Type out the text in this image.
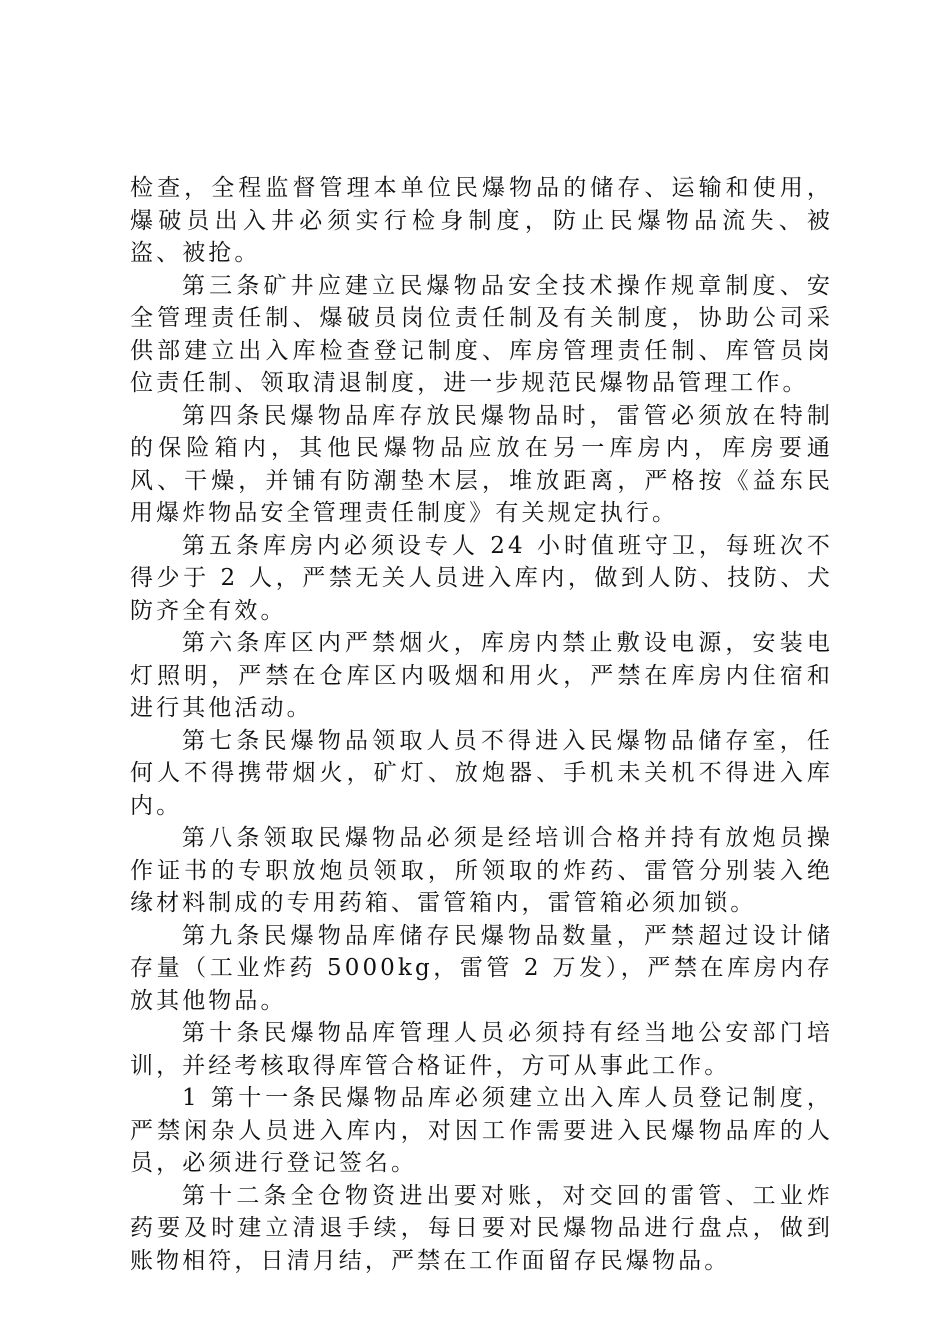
检查，全程监督管理本单位民爆物品的储存、运输和使用，爆破员出入井必须实行检身制度，防止民爆物品流失、被盗、被抢。

第三条矿井应建立民爆物品安全技术操作规章制度、安全管理责任制、爆破员岗位责任制及有关制度，协助公司采供部建立出入库检查登记制度、库房管理责任制、库管员岗位责任制、领取清退制度，进一步规范民爆物品管理工作。

第四条民爆物品库存放民爆物品时，雷管必须放在特制的保险箱内，其他民爆物品应放在另一库房内，库房要通风、干燥，并铺有防潮垫木层，堆放距离，严格按《益东民用爆炸物品安全管理责任制度》有关规定执行。

第五条库房内必须设专人 24 小时值班守卫，每班次不得少于 2 人，严禁无关人员进入库内，做到人防、技防、犬防齐全有效。

第六条库区内严禁烟火，库房内禁止敷设电源，安装电灯照明，严禁在仓库区内吸烟和用火，严禁在库房内住宿和进行其他活动。

第七条民爆物品领取人员不得进入民爆物品储存室，任何人不得携带烟火，矿灯、放炮器、手机未关机不得进入库内。

第八条领取民爆物品必须是经培训合格并持有放炮员操作证书的专职放炮员领取，所领取的炸药、雷管分别装入绝缘材料制成的专用药箱、雷管箱内，雷管箱必须加锁。

第九条民爆物品库储存民爆物品数量，严禁超过设计储存量（工业炸药 5000kg，雷管 2 万发），严禁在库房内存放其他物品。

第十条民爆物品库管理人员必须持有经当地公安部门培训，并经考核取得库管合格证件，方可从事此工作。

1 第十一条民爆物品库必须建立出入库人员登记制度，严禁闲杂人员进入库内，对因工作需要进入民爆物品库的人员，必须进行登记签名。

第十二条全仓物资进出要对账，对交回的雷管、工业炸药要及时建立清退手续，每日要对民爆物品进行盘点，做到账物相符，日清月结，严禁在工作面留存民爆物品。
